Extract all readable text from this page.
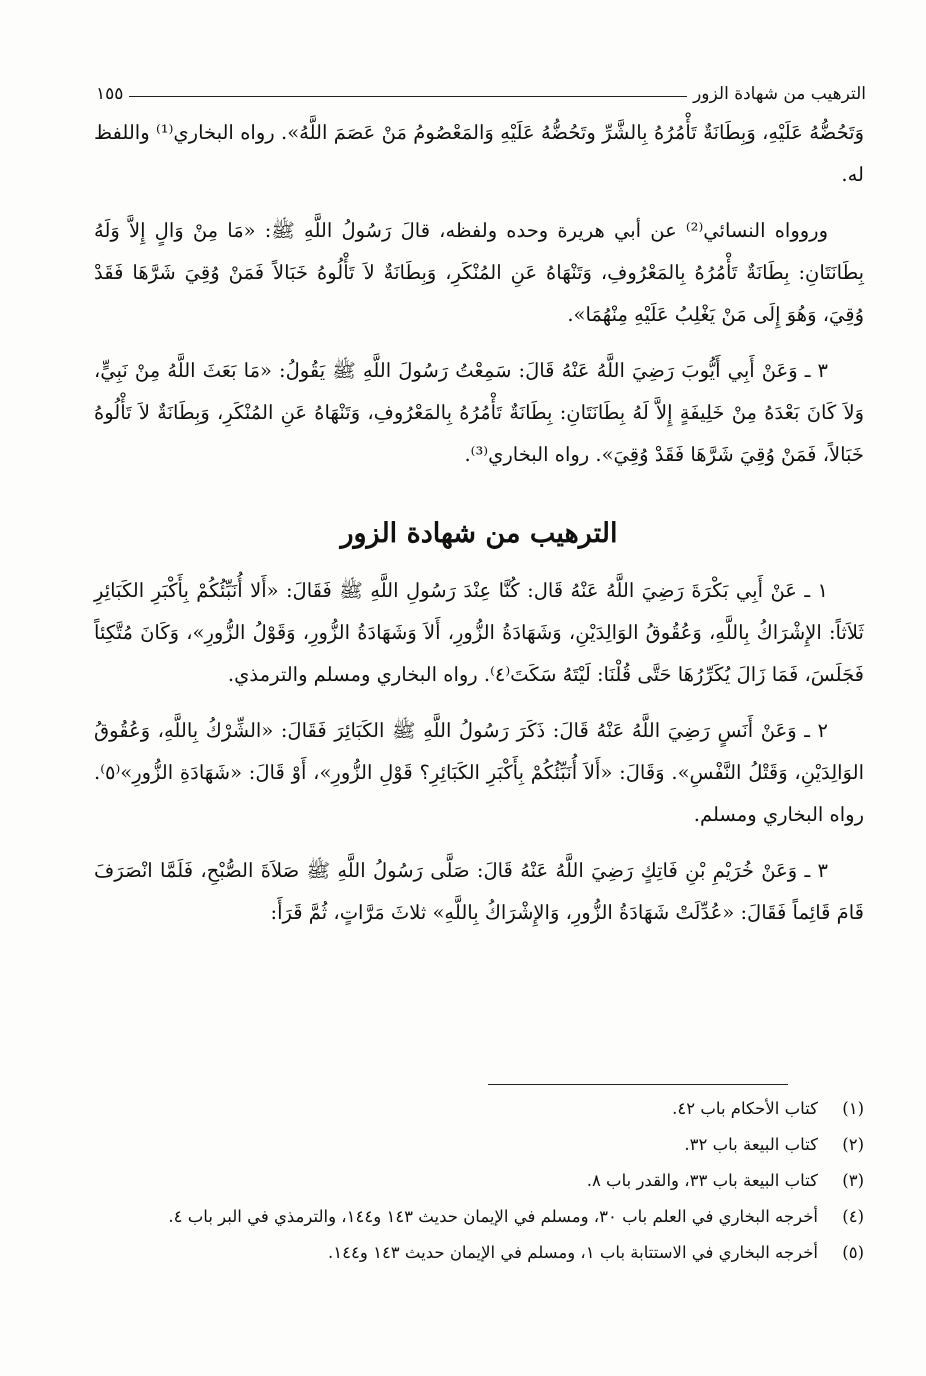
الترهيب من شهادة الزور
١٥٥

وَتَحُضُّهُ عَلَيْهِ، وَبِطَانَةٌ تَأْمُرُهُ بِالشَّرِّ وتَحُضُّهُ عَلَيْهِ وَالمَعْصُومُ مَنْ عَصَمَ اللَّهُ». رواه البخاري⁽¹⁾ واللفظ له.

وروواه النسائي⁽²⁾ عن أبي هريرة وحده ولفظه، قالَ رَسُولُ اللَّهِ ﷺ: «مَا مِنْ وَالٍ إِلاَّ وَلَهُ بِطَانَتَانِ: بِطَانَةٌ تَأْمُرُهُ بِالمَعْرُوفِ، وَتَنْهَاهُ عَنِ المُنْكَرِ، وَبِطَانَةٌ لاَ تَأْلُوهُ خَبَالاً فَمَنْ وُقِيَ شَرَّهَا فَقَدْ وُقِيَ، وَهُوَ إِلَى مَنْ يَغْلِبُ عَلَيْهِ مِنْهُمَا».

٣ ـ وَعَنْ أَبِي أَيُّوبَ رَضِيَ اللَّهُ عَنْهُ قَالَ: سَمِعْتُ رَسُولَ اللَّهِ ﷺ يَقُولُ: «مَا بَعَثَ اللَّهُ مِنْ نَبِيٍّ، وَلاَ كَانَ بَعْدَهُ مِنْ خَلِيفَةٍ إِلاَّ لَهُ بِطَانَتَانِ: بِطَانَةٌ تَأْمُرُهُ بِالمَعْرُوفِ، وَتَنْهَاهُ عَنِ المُنْكَرِ، وَبِطَانَةٌ لاَ تَأْلُوهُ خَبَالاً، فَمَنْ وُقِيَ شَرَّهَا فَقَدْ وُقِيَ». رواه البخاري⁽³⁾.

الترهيب من شهادة الزور

١ ـ عَنْ أَبِي بَكْرَةَ رَضِيَ اللَّهُ عَنْهُ قَال: كُنَّا عِنْدَ رَسُولِ اللَّهِ ﷺ فَقَالَ: «أَلا أُنَبِّئُكُمْ بِأَكْبَرِ الكَبَائِرِ ثَلاَثاً: الإِشْرَاكُ بِاللَّهِ، وَعُقُوقُ الوَالِدَيْنِ، وَشَهَادَةُ الزُّورِ، أَلاَ وَشَهَادَةُ الزُّورِ، وَقَوْلُ الزُّورِ»، وَكَانَ مُتَّكِئاً فَجَلَسَ، فَمَا زَالَ يُكَرِّرُهَا حَتَّى قُلْنَا: لَيْتَهُ سَكَتَ⁽٤⁾. رواه البخاري ومسلم والترمذي.

٢ ـ وَعَنْ أَنَسٍ رَضِيَ اللَّهُ عَنْهُ قَالَ: ذَكَرَ رَسُولُ اللَّهِ ﷺ الكَبَائِرَ فَقَالَ: «الشِّرْكُ بِاللَّهِ، وَعُقُوقُ الوَالِدَيْنِ، وَقَتْلُ النَّفْسِ». وَقَالَ: «أَلاَ أُنَبِّئُكُمْ بِأَكْبَرِ الكَبَائِرِ؟ قَوْلِ الزُّورِ»، أَوْ قَالَ: «شَهَادَةِ الزُّورِ»⁽٥⁾. رواه البخاري ومسلم.

٣ ـ وَعَنْ خُرَيْمِ بْنِ فَاتِكٍ رَضِيَ اللَّهُ عَنْهُ قَالَ: صَلَّى رَسُولُ اللَّهِ ﷺ صَلاَةَ الصُّبْحِ، فَلَمَّا انْصَرَفَ قَامَ قَائِماً فَقَالَ: «عُدِّلَتْ شَهَادَةُ الزُّورِ، وَالإِشْرَاكُ بِاللَّهِ» ثلاثَ مَرَّاتٍ، ثُمَّ قَرَأَ:

(١)
كتاب الأحكام باب ٤٢.
(٢)
كتاب البيعة باب ٣٢.
(٣)
كتاب البيعة باب ٣٣، والقدر باب ٨.
(٤)
أخرجه البخاري في العلم باب ٣٠، ومسلم في الإيمان حديث ١٤٣ و١٤٤، والترمذي في البر باب ٤.
(٥)
أخرجه البخاري في الاستتابة باب ١، ومسلم في الإيمان حديث ١٤٣ و١٤٤.
